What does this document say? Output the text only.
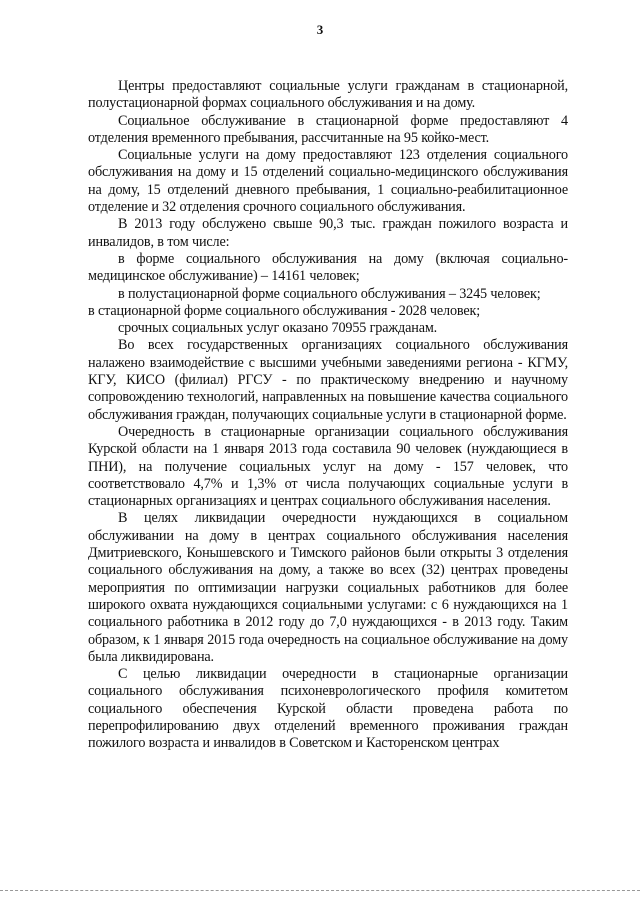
3

Центры предоставляют социальные услуги гражданам в стационарной, полустационарной формах социального обслуживания и на дому.

Социальное обслуживание в стационарной форме предоставляют 4 отделения временного пребывания, рассчитанные на 95 койко-мест.

Социальные услуги на дому предоставляют 123 отделения социального обслуживания на дому и 15 отделений социально-медицинского обслуживания на дому, 15 отделений дневного пребывания, 1 социально-реабилитационное отделение и 32 отделения срочного социального обслуживания.

В 2013 году обслужено свыше 90,3 тыс. граждан пожилого возраста и инвалидов, в том числе:

в форме социального обслуживания на дому (включая социально-медицинское обслуживание) – 14161 человек;

в полустационарной форме социального обслуживания – 3245 человек;

в стационарной форме социального обслуживания - 2028 человек;

срочных социальных услуг оказано 70955 гражданам.

Во всех государственных организациях социального обслуживания налажено взаимодействие с высшими учебными заведениями региона - КГМУ, КГУ, КИСО (филиал) РГСУ - по практическому внедрению и научному сопровождению технологий, направленных на повышение качества социального обслуживания граждан, получающих социальные услуги в стационарной форме.

Очередность в стационарные организации социального обслуживания Курской области на 1 января 2013 года составила 90 человек (нуждающиеся в ПНИ), на получение социальных услуг на дому - 157 человек, что соответствовало 4,7% и 1,3% от числа получающих социальные услуги в стационарных организациях и центрах социального обслуживания населения.

В целях ликвидации очередности нуждающихся в социальном обслуживании на дому в центрах социального обслуживания населения Дмитриевского, Конышевского и Тимского районов были открыты 3 отделения социального обслуживания на дому, а также во всех (32) центрах проведены мероприятия по оптимизации нагрузки социальных работников для более широкого охвата нуждающихся социальными услугами: с 6 нуждающихся на 1 социального работника в 2012 году до 7,0 нуждающихся - в 2013 году. Таким образом, к 1 января 2015 года очередность на социальное обслуживание на дому была ликвидирована.

С целью ликвидации очередности в стационарные организации социального обслуживания психоневрологического профиля комитетом социального обеспечения Курской области проведена работа по перепрофилированию двух отделений временного проживания граждан пожилого возраста и инвалидов в Советском и Касторенском центрах
